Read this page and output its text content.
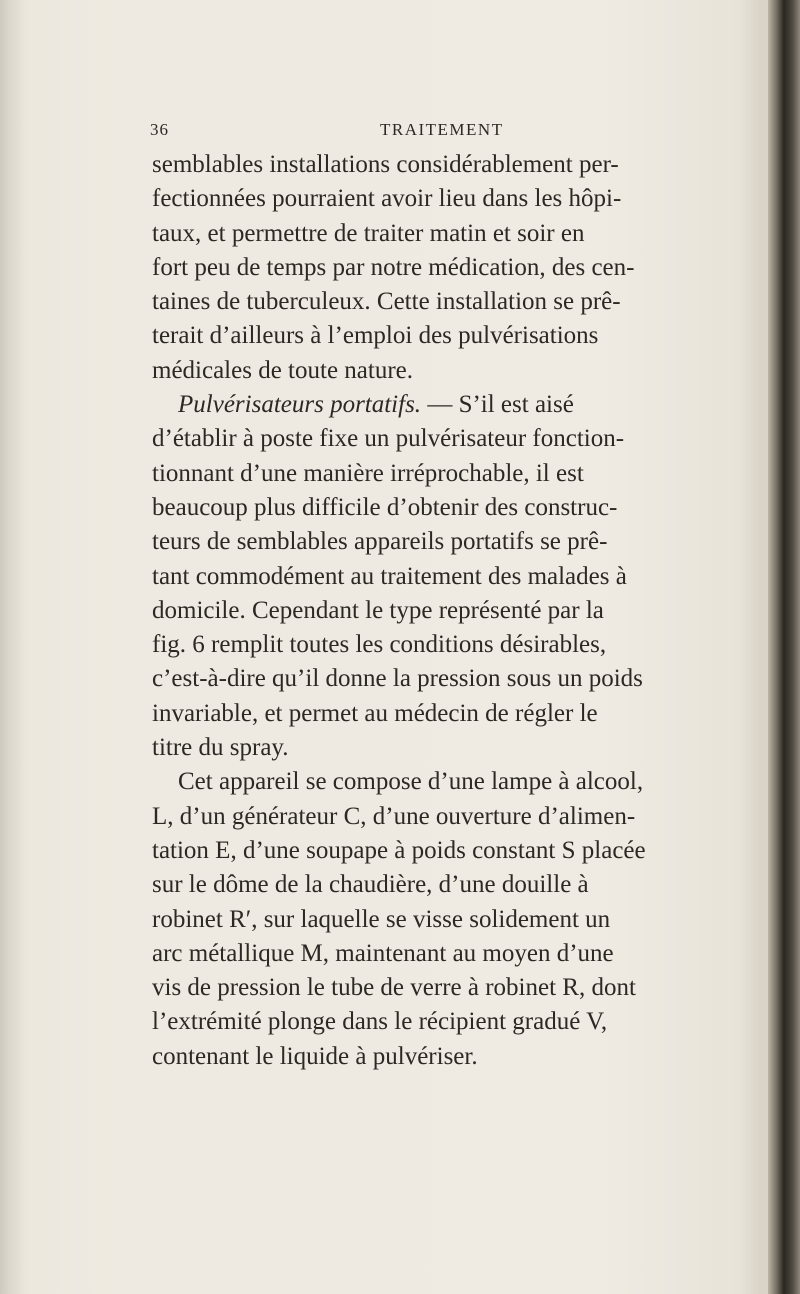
36	TRAITEMENT
semblables installations considérablement per-
fectionnées pourraient avoir lieu dans les hôpi-
taux, et permettre de traiter matin et soir en
fort peu de temps par notre médication, des cen-
taines de tuberculeux. Cette installation se prê-
terait d’ailleurs à l’emploi des pulvérisations
médicales de toute nature.
Pulvérisateurs portatifs. — S’il est aisé
d’établir à poste fixe un pulvérisateur fonction-
tionnant d’une manière irréprochable, il est
beaucoup plus difficile d’obtenir des construc-
teurs de semblables appareils portatifs se prê-
tant commodément au traitement des malades à
domicile. Cependant le type représenté par la
fig. 6 remplit toutes les conditions désirables,
c’est-à-dire qu’il donne la pression sous un poids
invariable, et permet au médecin de régler le
titre du spray.
Cet appareil se compose d’une lampe à alcool,
L, d’un générateur C, d’une ouverture d’alimen-
tation E, d’une soupape à poids constant S placée
sur le dôme de la chaudière, d’une douille à
robinet R′, sur laquelle se visse solidement un
arc métallique M, maintenant au moyen d’une
vis de pression le tube de verre à robinet R, dont
l’extrémité plonge dans le récipient gradué V,
contenant le liquide à pulvériser.
